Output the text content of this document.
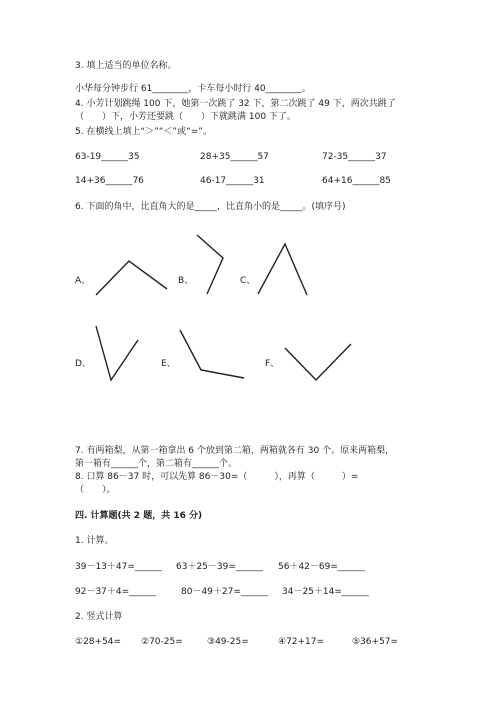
3. 填上适当的单位名称。
小华每分钟步行 61________，卡车每小时行 40________。
4. 小芳计划跳绳 100 下，她第一次跳了 32 下，第二次跳了 49 下，两次共跳了
（　　）下，小芳还要跳（　　）下就跳满 100 下了。
5. 在横线上填上“＞”“＜”或“=”。
63-19______35	28+35______57	72-35______37
14+36______76	46-17______31	64+16______85
6. 下面的角中，比直角大的是_____，比直角小的是_____。(填序号)
A、	B、	C、
D、	E、	F、
7. 有两箱梨，从第一箱拿出 6 个放到第二箱，两箱就各有 30 个。原来两箱梨，
第一箱有______个，第二箱有______个。
8. 口算 86－37 时，可以先算 86－30=（　　　），再算（　　　）=
（　　）。
四. 计算题(共 2 题，共 16 分)
1. 计算。
39－13＋47=______ 63＋25－39=______ 56＋42－69=______
92－37＋4=______	80－49＋27=______ 34－25＋14=______
2. 竖式计算
①28+54= ②70-25=	③49-25=	④72+17=	⑤36+57=
